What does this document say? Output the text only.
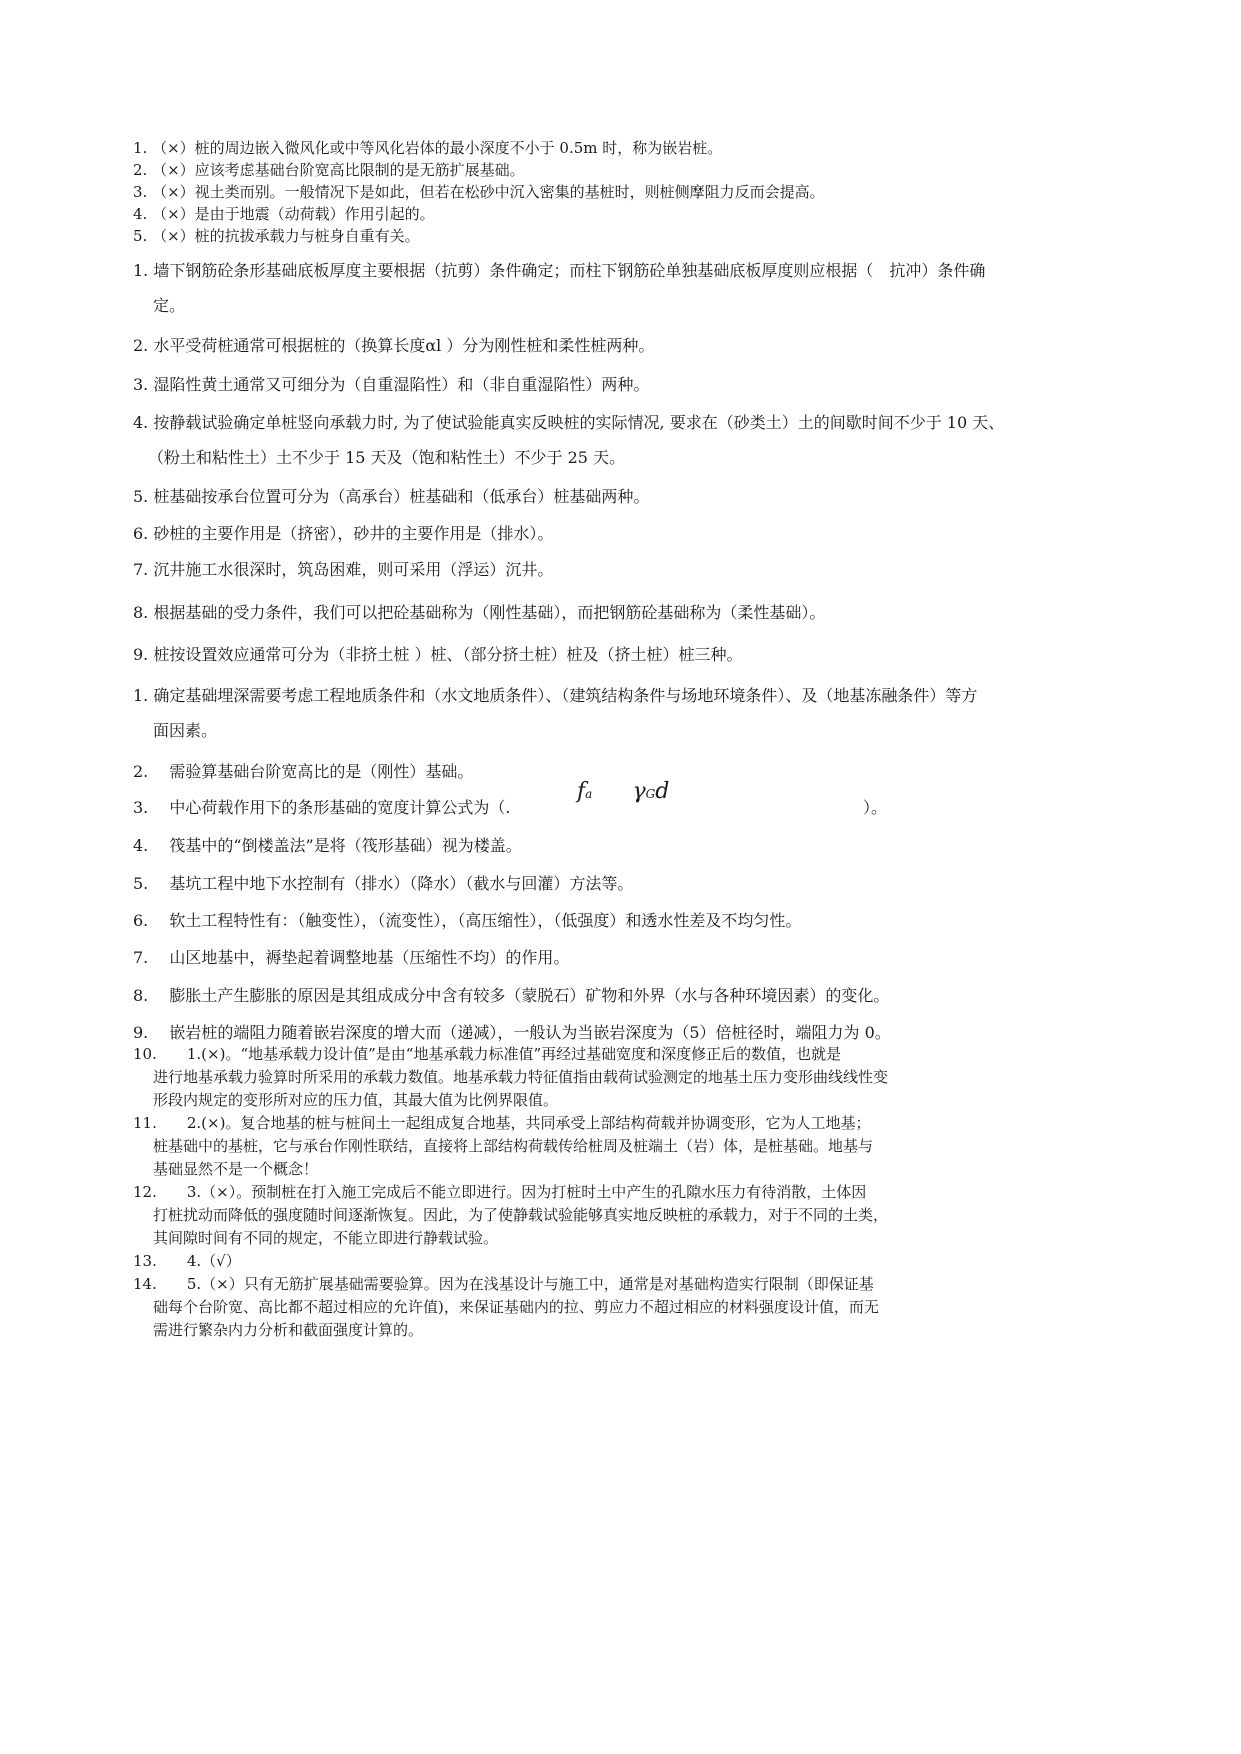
1. （×）桩的周边嵌入微风化或中等风化岩体的最小深度不小于 0.5m 时，称为嵌岩桩。
2. （×）应该考虑基础台阶宽高比限制的是无筋扩展基础。
3. （×）视土类而别。一般情况下是如此，但若在松砂中沉入密集的基桩时，则桩侧摩阻力反而会提高。
4. （×）是由于地震（动荷载）作用引起的。
5. （×）桩的抗拔承载力与桩身自重有关。
1. 墙下钢筋砼条形基础底板厚度主要根据（抗剪）条件确定；而柱下钢筋砼单独基础底板厚度则应根据（　抗冲）条件确
定。
2. 水平受荷桩通常可根据桩的（换算长度αl ）分为刚性桩和柔性桩两种。
3. 湿陷性黄土通常又可细分为（自重湿陷性）和（非自重湿陷性）两种。
4. 按静载试验确定单桩竖向承载力时, 为了使试验能真实反映桩的实际情况, 要求在（砂类土）土的间歇时间不少于 10 天、
（粉土和粘性土）土不少于 15 天及（饱和粘性土）不少于 25 天。
5. 桩基础按承台位置可分为（高承台）桩基础和（低承台）桩基础两种。
6. 砂桩的主要作用是（挤密），砂井的主要作用是（排水）。
7. 沉井施工水很深时，筑岛困难，则可采用（浮运）沉井。
8. 根据基础的受力条件，我们可以把砼基础称为（刚性基础），而把钢筋砼基础称为（柔性基础）。
9. 桩按设置效应通常可分为（非挤土桩 ）桩、（部分挤土桩）桩及（挤土桩）桩三种。
1. 确定基础埋深需要考虑工程地质条件和（水文地质条件）、（建筑结构条件与场地环境条件）、及（地基冻融条件）等方
面因素。
2.　 需验算基础台阶宽高比的是（刚性）基础。
3.　 中心荷载作用下的条形基础的宽度计算公式为（.
fa γGd
）。
4.　 筏基中的“倒楼盖法”是将（筏形基础）视为楼盖。
5.　 基坑工程中地下水控制有（排水）（降水）（截水与回灌）方法等。
6.　 软土工程特性有：（触变性），（流变性），（高压缩性），（低强度）和透水性差及不均匀性。
7.　 山区地基中，褥垫起着调整地基（压缩性不均）的作用。
8.　 膨胀土产生膨胀的原因是其组成成分中含有较多（蒙脱石）矿物和外界（水与各种环境因素）的变化。
9.　 嵌岩桩的端阻力随着嵌岩深度的增大而（递减），一般认为当嵌岩深度为（5）倍桩径时，端阻力为 0。
10.　　1.(×)。“地基承载力设计值”是由“地基承载力标准值”再经过基础宽度和深度修正后的数值，也就是
进行地基承载力验算时所采用的承载力数值。地基承载力特征值指由载荷试验测定的地基土压力变形曲线线性变
形段内规定的变形所对应的压力值，其最大值为比例界限值。
11.　　2.(×)。复合地基的桩与桩间土一起组成复合地基，共同承受上部结构荷载并协调变形，它为人工地基；
桩基础中的基桩，它与承台作刚性联结，直接将上部结构荷载传给桩周及桩端土（岩）体，是桩基础。地基与
基础显然不是一个概念！
12.　　3.（×）。预制桩在打入施工完成后不能立即进行。因为打桩时土中产生的孔隙水压力有待消散，土体因
打桩扰动而降低的强度随时间逐渐恢复。因此，为了使静载试验能够真实地反映桩的承载力，对于不同的土类，
其间隙时间有不同的规定，不能立即进行静载试验。
13.　　4.（√）
14.　　5.（×）只有无筋扩展基础需要验算。因为在浅基设计与施工中，通常是对基础构造实行限制（即保证基
础每个台阶宽、高比都不超过相应的允许值)，来保证基础内的拉、剪应力不超过相应的材料强度设计值，而无
需进行繁杂内力分析和截面强度计算的。
